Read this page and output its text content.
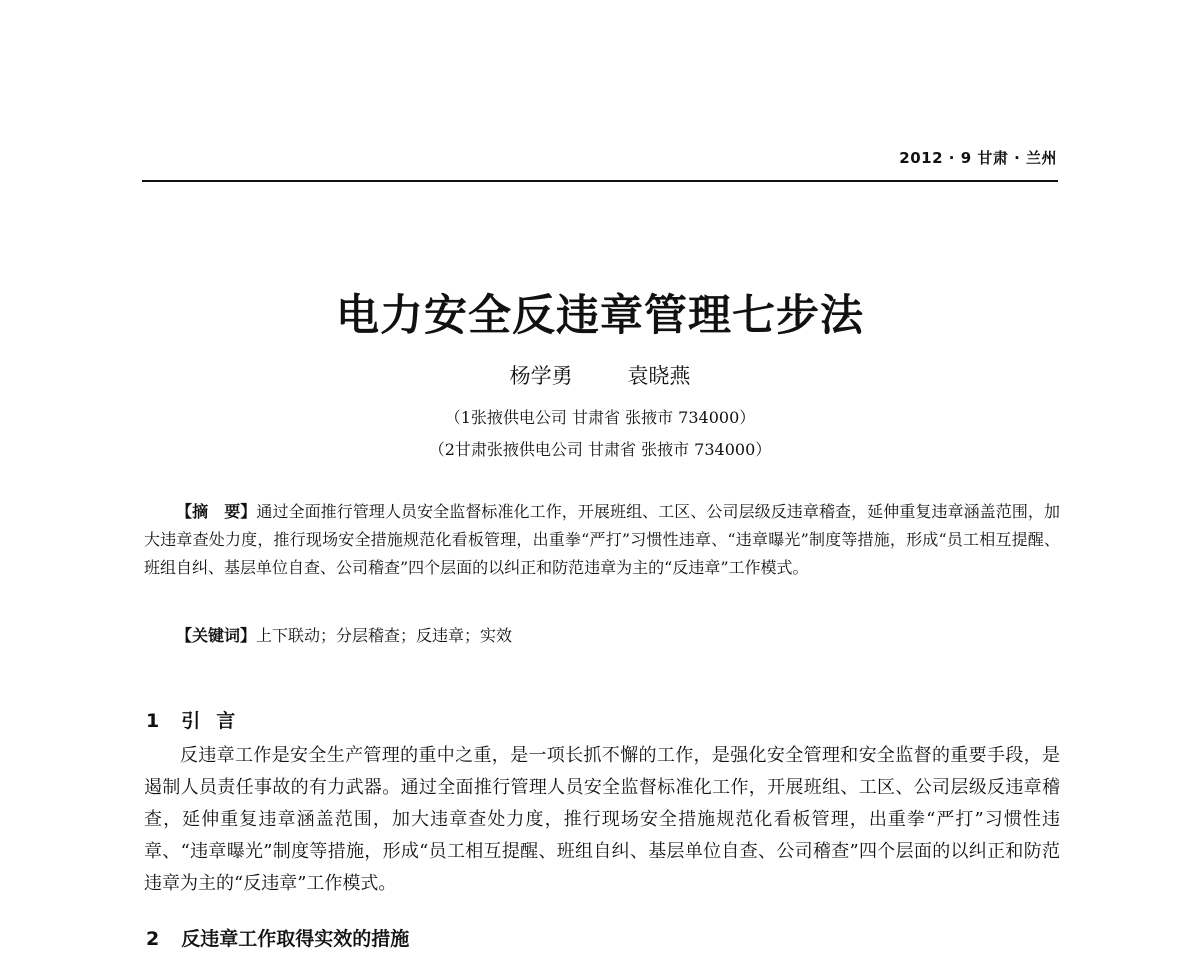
2012 · 9 甘肃 · 兰州
电力安全反违章管理七步法
杨学勇	袁晓燕
（1张掖供电公司 甘肃省 张掖市 734000）
（2甘肃张掖供电公司 甘肃省 张掖市 734000）
【摘　要】通过全面推行管理人员安全监督标准化工作，开展班组、工区、公司层级反违章稽查，延伸重复违章涵盖范围，加大违章查处力度，推行现场安全措施规范化看板管理，出重拳“严打”习惯性违章、“违章曝光”制度等措施，形成“员工相互提醒、班组自纠、基层单位自查、公司稽查”四个层面的以纠正和防范违章为主的“反违章”工作模式。
【关键词】上下联动；分层稽查；反违章；实效
1 引言
反违章工作是安全生产管理的重中之重，是一项长抓不懈的工作，是强化安全管理和安全监督的重要手段，是遏制人员责任事故的有力武器。通过全面推行管理人员安全监督标准化工作，开展班组、工区、公司层级反违章稽查，延伸重复违章涵盖范围，加大违章查处力度，推行现场安全措施规范化看板管理，出重拳“严打”习惯性违章、“违章曝光”制度等措施，形成“员工相互提醒、班组自纠、基层单位自查、公司稽查”四个层面的以纠正和防范违章为主的“反违章”工作模式。
2 反违章工作取得实效的措施
